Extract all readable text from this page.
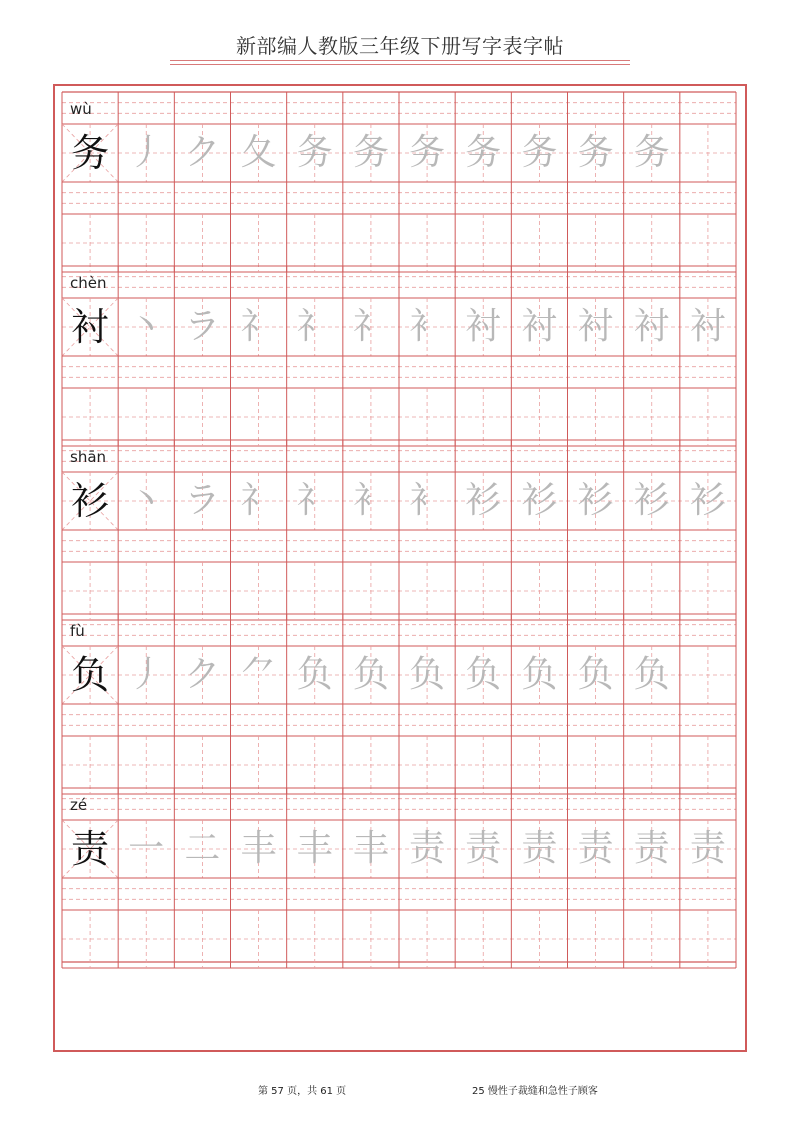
新部编人教版三年级下册写字表字帖
wù
务 丿 ク 夂 务 务 务 务 务 务 务
chèn
衬 丶 ラ 礻 礻 礻 衤 衬 衬 衬 衬 衬
shān
衫 丶 ラ 礻 礻 衤 衤 衫 衫 衫 衫 衫
fù
负 丿 ク ⺈ 负 负 负 负 负 负 负
zé
责 一 二 丰 丰 丰 责 责 责 责 责 责
第 57 页，共 61 页	25 慢性子裁缝和急性子顾客
